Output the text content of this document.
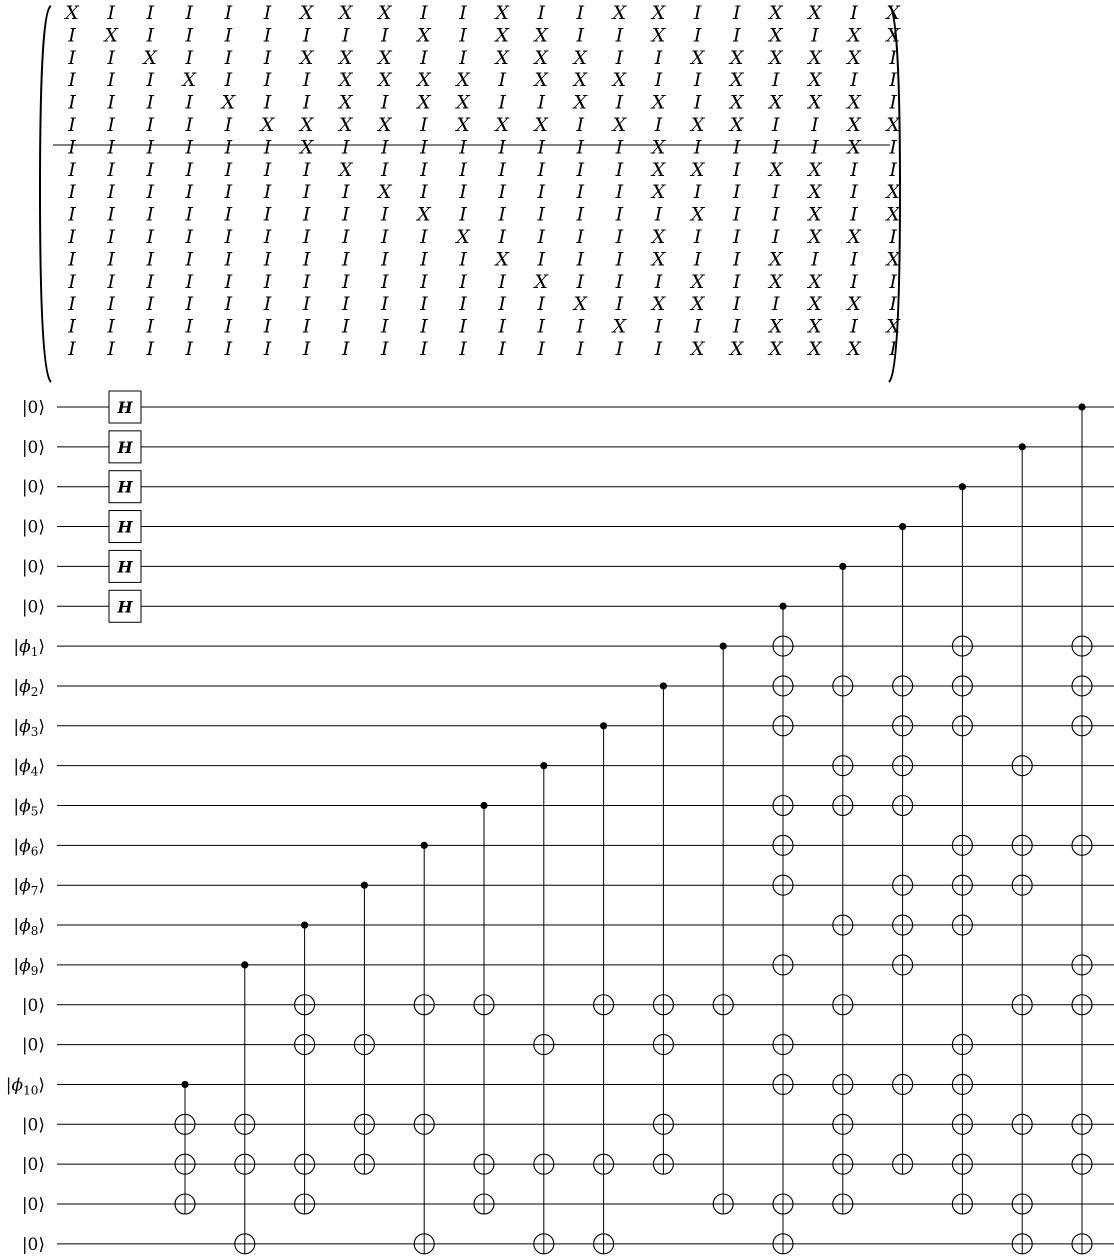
X I I I I I X X X I I X I I X X I I X X I X
I X I I I I I I I X I X X I I X I I X I X X
I I X I I I X X X I I X X X I I X X X X X I
I I I X I I I X X X X I X X X I I X I X I I
I I I I X I I X I X X I I X I X I X X X X I
I I I I I X X X X I X X X I X I X X I I X X
I I I I I I X I I I I I I I I X I I I I X I
I I I I I I I X I I I I I I I X X I X X I I
I I I I I I I I X I I I I I I X I I I X I X
I I I I I I I I I X I I I I I I X I I X I X
I I I I I I I I I I X I I I I X I I I X X I
I I I I I I I I I I I X I I I X I I X I I X
I I I I I I I I I I I I X I I I X I X X I I
I I I I I I I I I I I I I X I X X I I X X I
I I I I I I I I I I I I I I X I I I X X I X
I I I I I I I I I I I I I I I I X X X X X I
|0⟩
|0⟩
|0⟩
|0⟩
|0⟩
|0⟩
$|\phi_1⟩$
$|\phi_2⟩$
$|\phi_3⟩$
$|\phi_4⟩$
$|\phi_5⟩$
$|\phi_6⟩$
$|\phi_7⟩$
$|\phi_8⟩$
$|\phi_9⟩$
|0⟩
|0⟩
$|\phi_{10}⟩$
|0⟩
|0⟩
|0⟩
|0⟩
H
H
H
H
H
H
